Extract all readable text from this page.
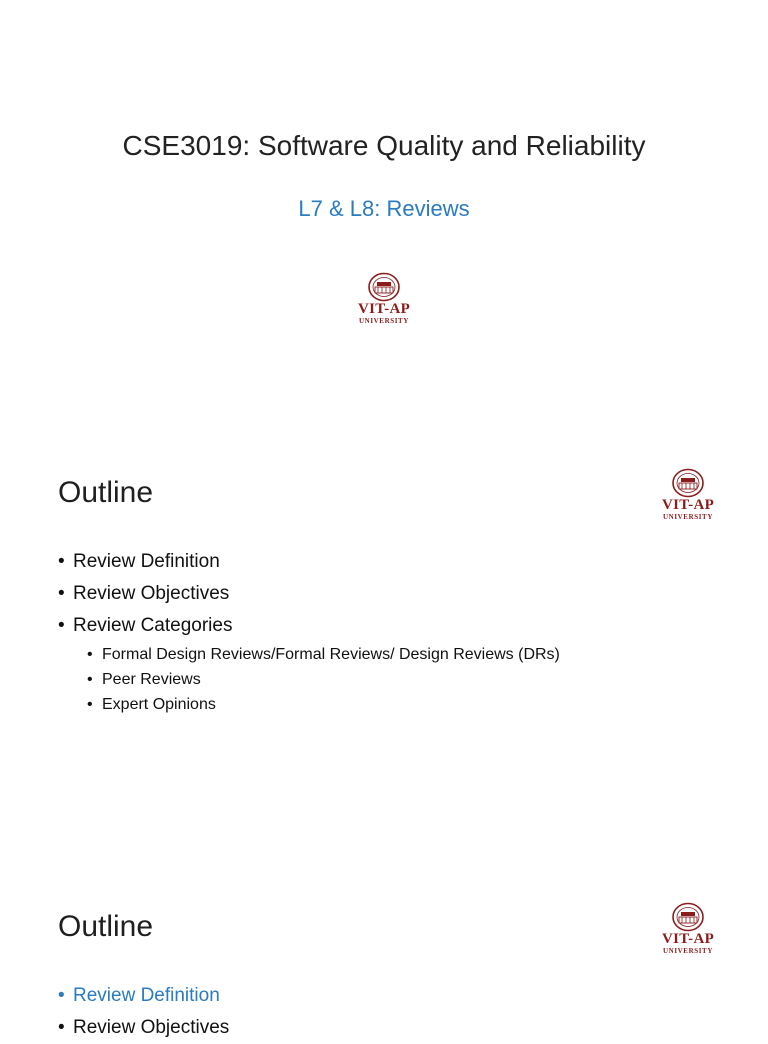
CSE3019: Software Quality and Reliability
L7 & L8: Reviews
VIT-AP
UNIVERSITY
Outline	VIT-AP
UNIVERSITY
• Review Definition
• Review Objectives
• Review Categories
• Formal Design Reviews/Formal Reviews/ Design Reviews (DRs)
• Peer Reviews
• Expert Opinions
Outline	VIT-AP
UNIVERSITY
• Review Definition
• Review Objectives
